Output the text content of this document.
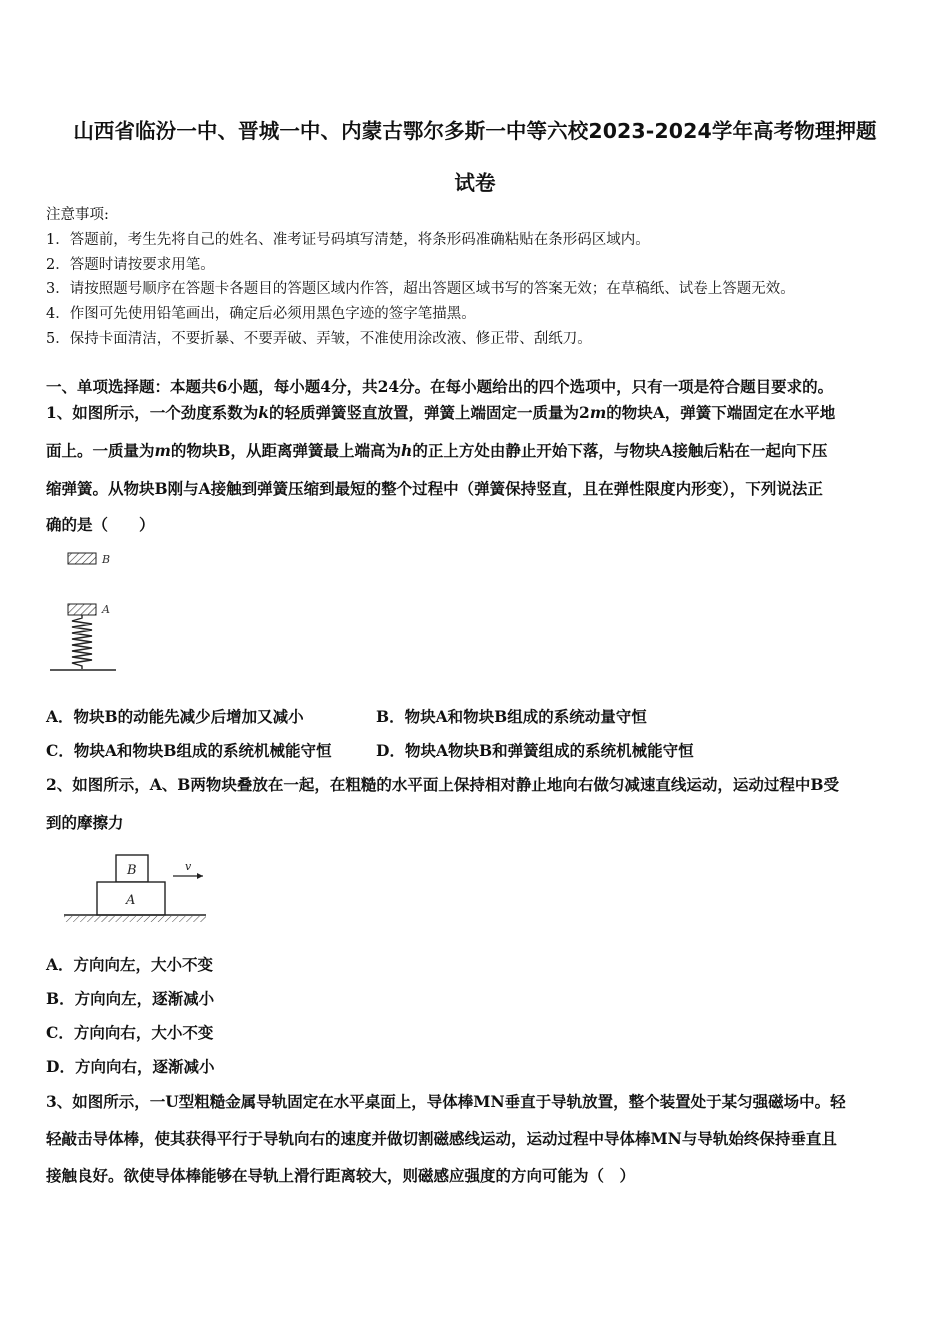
山西省临汾一中、晋城一中、内蒙古鄂尔多斯一中等六校2023-2024学年高考物理押题
试卷
注意事项:
1．答题前，考生先将自己的姓名、准考证号码填写清楚，将条形码准确粘贴在条形码区域内。
2．答题时请按要求用笔。
3．请按照题号顺序在答题卡各题目的答题区域内作答，超出答题区域书写的答案无效；在草稿纸、试卷上答题无效。
4．作图可先使用铅笔画出，确定后必须用黑色字迹的签字笔描黑。
5．保持卡面清洁，不要折暴、不要弄破、弄皱，不准使用涂改液、修正带、刮纸刀。
一、单项选择题：本题共6小题，每小题4分，共24分。在每小题给出的四个选项中，只有一项是符合题目要求的。
1、如图所示，一个劲度系数为k的轻质弹簧竖直放置，弹簧上端固定一质量为2m的物块A，弹簧下端固定在水平地
面上。一质量为m的物块B，从距离弹簧最上端高为h的正上方处由静止开始下落，与物块A接触后粘在一起向下压
缩弹簧。从物块B刚与A接触到弹簧压缩到最短的整个过程中（弹簧保持竖直，且在弹性限度内形变），下列说法正
确的是（　　）
B
A
A．物块B的动能先减少后增加又减小	B．物块A和物块B组成的系统动量守恒
C．物块A和物块B组成的系统机械能守恒	D．物块A物块B和弹簧组成的系统机械能守恒
2、如图所示，A、B两物块叠放在一起，在粗糙的水平面上保持相对静止地向右做匀减速直线运动，运动过程中B受
到的摩擦力
B
A
v
A．方向向左，大小不变
B．方向向左，逐渐减小
C．方向向右，大小不变
D．方向向右，逐渐减小
3、如图所示，一U型粗糙金属导轨固定在水平桌面上，导体棒MN垂直于导轨放置，整个装置处于某匀强磁场中。轻
轻敲击导体棒，使其获得平行于导轨向右的速度并做切割磁感线运动，运动过程中导体棒MN与导轨始终保持垂直且
接触良好。欲使导体棒能够在导轨上滑行距离较大，则磁感应强度的方向可能为（　）
